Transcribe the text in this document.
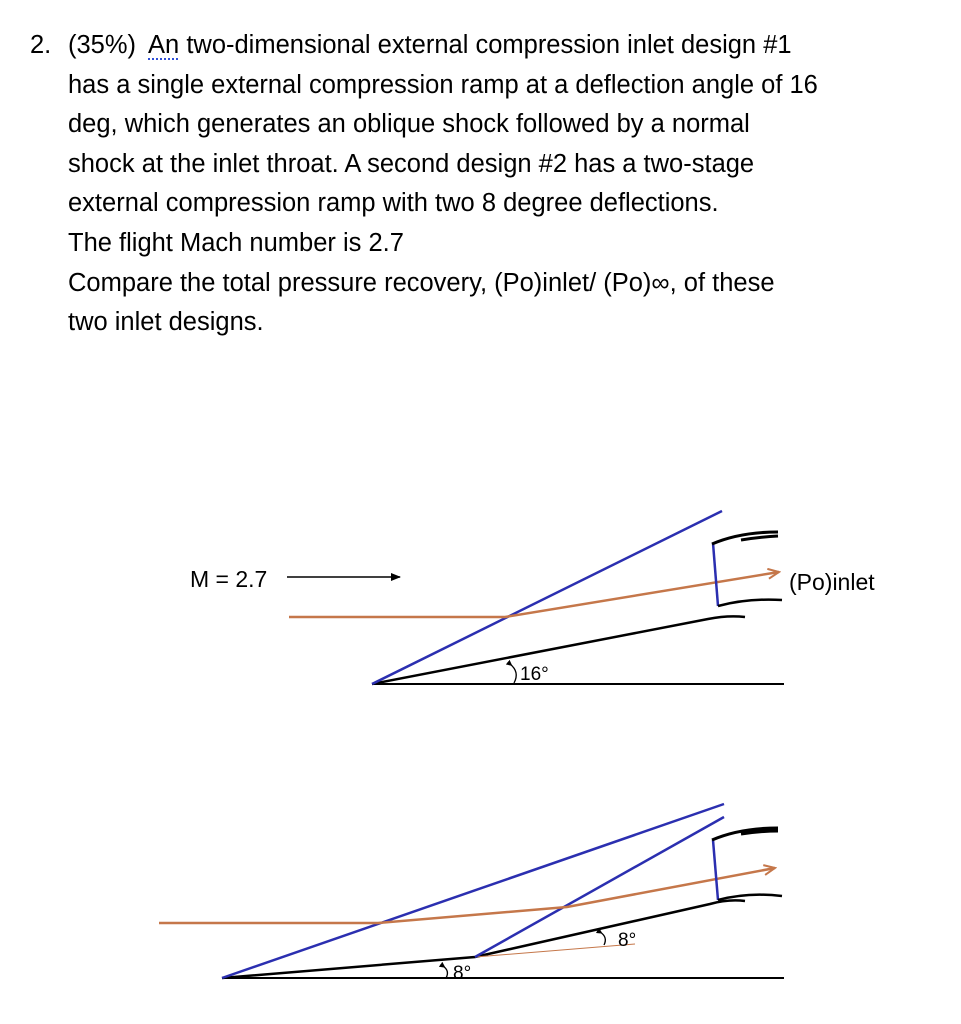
2. (35%) An two-dimensional external compression inlet design #1
has a single external compression ramp at a deflection angle of 16
deg, which generates an oblique shock followed by a normal
shock at the inlet throat. A second design #2 has a two-stage
external compression ramp with two 8 degree deflections.
The flight Mach number is 2.7
Compare the total pressure recovery, (Po)inlet/ (Po)∞, of these
two inlet designs.
M = 2.7
16°
(Po)inlet
8°
8°
